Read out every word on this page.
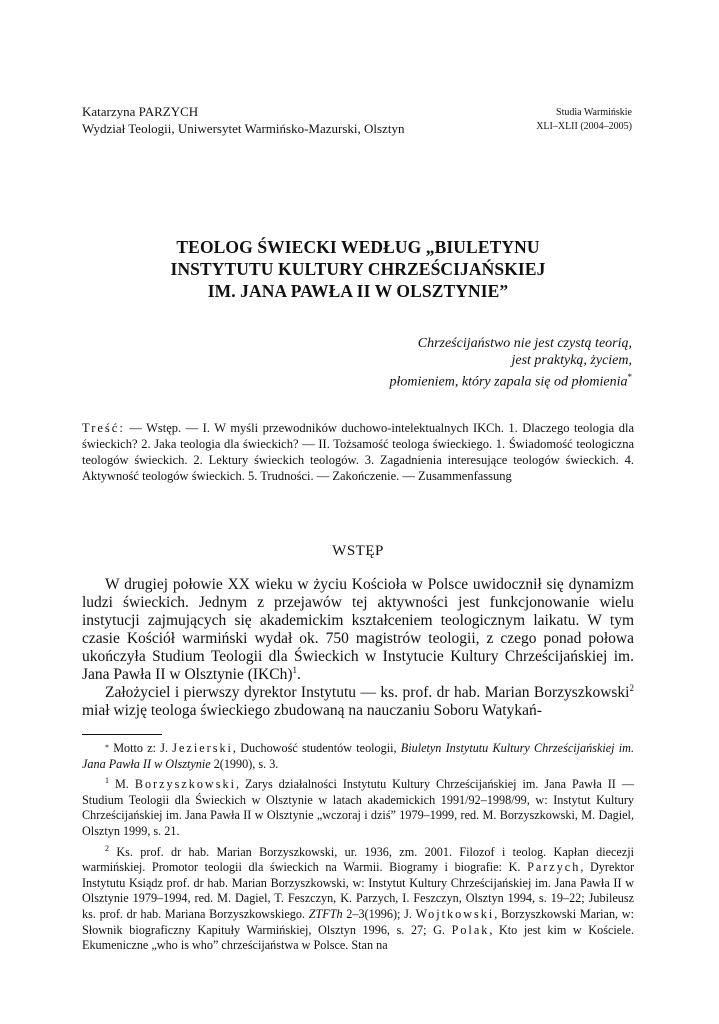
Katarzyna PARZYCH
Wydział Teologii, Uniwersytet Warmińsko-Mazurski, Olsztyn
Studia Warmińskie
XLI–XLII (2004–2005)
TEOLOG ŚWIECKI WEDŁUG „BIULETYNU
INSTYTUTU KULTURY CHRZEŚCIJAŃSKIEJ
IM. JANA PAWŁA II W OLSZTYNIE”
Chrześcijaństwo nie jest czystą teorią,
jest praktyką, życiem,
płomieniem, który zapala się od płomienia*
Treść: — Wstęp. — I. W myśli przewodników duchowo-intelektualnych IKCh. 1. Dlaczego teologia dla świeckich? 2. Jaka teologia dla świeckich? — II. Tożsamość teologa świeckiego. 1. Świadomość teologiczna teologów świeckich. 2. Lektury świeckich teologów. 3. Zagadnienia interesujące teologów świeckich. 4. Aktywność teologów świeckich. 5. Trudności. — Zakończenie. — Zusammenfassung
WSTĘP

W drugiej połowie XX wieku w życiu Kościoła w Polsce uwidocznił się dynamizm ludzi świeckich. Jednym z przejawów tej aktywności jest funkcjonowanie wielu instytucji zajmujących się akademickim kształceniem teologicznym laikatu. W tym czasie Kościół warmiński wydał ok. 750 magistrów teologii, z czego ponad połowa ukończyła Studium Teologii dla Świeckich w Instytucie Kultury Chrześcijańskiej im. Jana Pawła II w Olsztynie (IKCh)$^1$.

Założyciel i pierwszy dyrektor Instytutu — ks. prof. dr hab. Marian Borzyszkowski$^2$ miał wizję teologa świeckiego zbudowaną na nauczaniu Soboru Watykań-

* Motto z: J. Jezierski, Duchowość studentów teologii, Biuletyn Instytutu Kultury Chrześcijańskiej im. Jana Pawła II w Olsztynie 2(1990), s. 3.

$^1$ M. Borzyszkowski, Zarys działalności Instytutu Kultury Chrześcijańskiej im. Jana Pawła II — Studium Teologii dla Świeckich w Olsztynie w latach akademickich 1991/92–1998/99, w: Instytut Kultury Chrześcijańskiej im. Jana Pawła II w Olsztynie „wczoraj i dziś” 1979–1999, red. M. Borzyszkowski, M. Dagiel, Olsztyn 1999, s. 21.

$^2$ Ks. prof. dr hab. Marian Borzyszkowski, ur. 1936, zm. 2001. Filozof i teolog. Kapłan diecezji warmińskiej. Promotor teologii dla świeckich na Warmii. Biogramy i biografie: K. Parzych, Dyrektor Instytutu Ksiądz prof. dr hab. Marian Borzyszkowski, w: Instytut Kultury Chrześcijańskiej im. Jana Pawła II w Olsztynie 1979–1994, red. M. Dagiel, T. Feszczyn, K. Parzych, I. Feszczyn, Olsztyn 1994, s. 19–22; Jubileusz ks. prof. dr hab. Mariana Borzyszkowskiego. ZTFTh 2–3(1996); J. Wojtkowski, Borzyszkowski Marian, w: Słownik biograficzny Kapituły Warmińskiej, Olsztyn 1996, s. 27; G. Polak, Kto jest kim w Kościele. Ekumeniczne „who is who” chrześcijaństwa w Polsce. Stan na
